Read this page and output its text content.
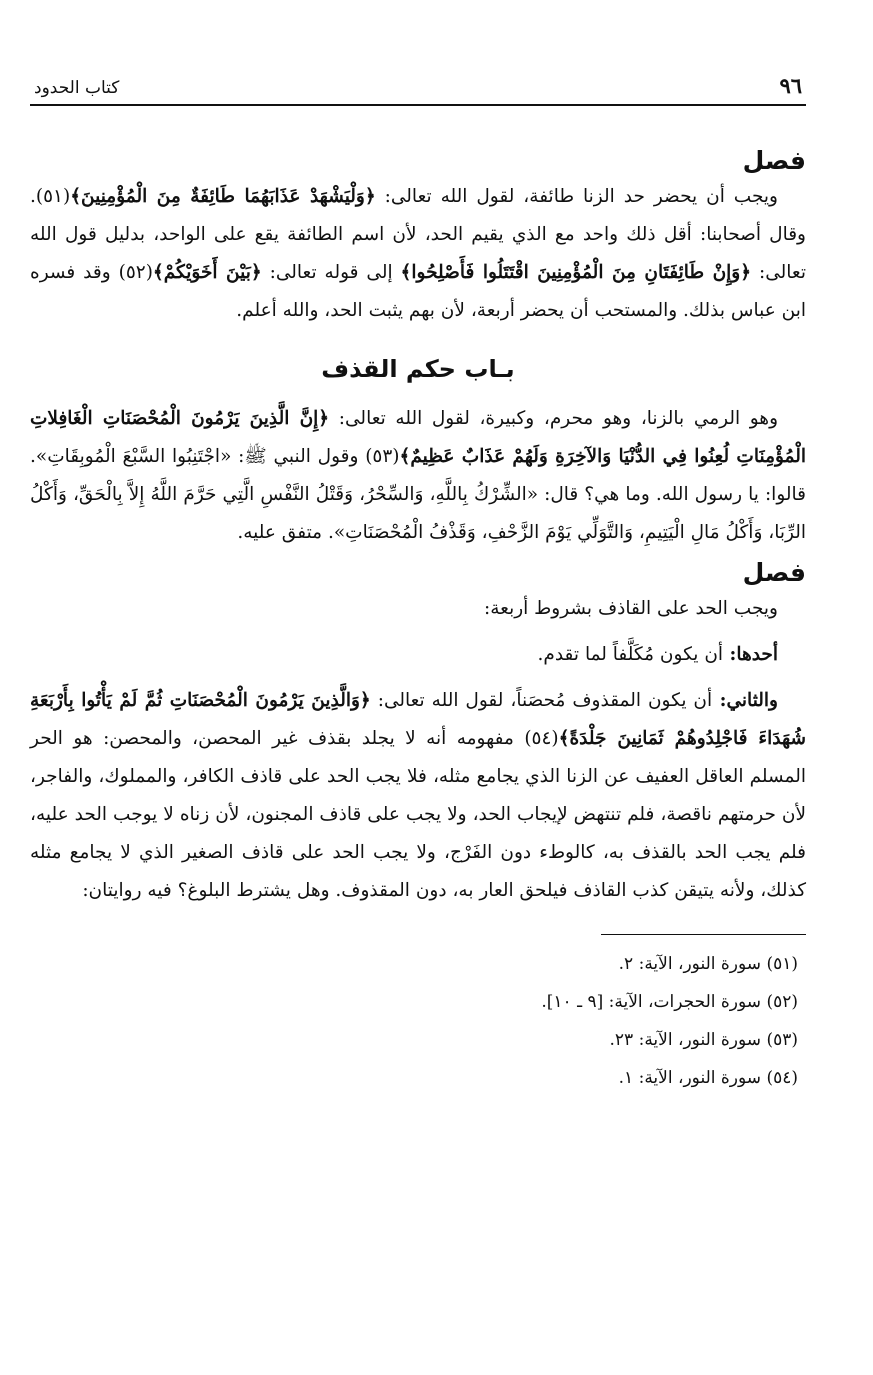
٩٦
كتاب الحدود
فصل

ويجب أن يحضر حد الزنا طائفة، لقول الله تعالى: ﴿وَلْيَشْهَدْ عَذَابَهُمَا طَائِفَةٌ مِنَ الْمُؤْمِنِينَ﴾(٥١). وقال أصحابنا: أقل ذلك واحد مع الذي يقيم الحد، لأن اسم الطائفة يقع على الواحد، بدليل قول الله تعالى: ﴿وَإِنْ طَائِفَتَانِ مِنَ الْمُؤْمِنِينَ اقْتَتَلُوا فَأَصْلِحُوا﴾ إلى قوله تعالى: ﴿بَيْنَ أَخَوَيْكُمْ﴾(٥٢) وقد فسره ابن عباس بذلك. والمستحب أن يحضر أربعة، لأن بهم يثبت الحد، والله أعلم.

بـاب حكم القذف

وهو الرمي بالزنا، وهو محرم، وكبيرة، لقول الله تعالى: ﴿إِنَّ الَّذِينَ يَرْمُونَ الْمُحْصَنَاتِ الْغَافِلاتِ الْمُؤْمِنَاتِ لُعِنُوا فِي الدُّنْيَا وَالآخِرَةِ وَلَهُمْ عَذَابٌ عَظِيمٌ﴾(٥٣) وقول النبي ﷺ: «اجْتَنِبُوا السَّبْعَ الْمُوبِقَاتِ». قالوا: يا رسول الله. وما هي؟ قال: «الشِّرْكُ بِاللَّهِ، وَالسِّحْرُ، وَقَتْلُ النَّفْسِ الَّتِي حَرَّمَ اللَّهُ إِلاَّ بِالْحَقِّ، وَأَكْلُ الرِّبَا، وَأَكْلُ مَالِ الْيَتِيمِ، وَالتَّوَلِّي يَوْمَ الزَّحْفِ، وَقَذْفُ الْمُحْصَنَاتِ». متفق عليه.

فصل

ويجب الحد على القاذف بشروط أربعة:

أحدها: أن يكون مُكَلَّفاً لما تقدم.

والثاني: أن يكون المقذوف مُحصَناً، لقول الله تعالى: ﴿وَالَّذِينَ يَرْمُونَ الْمُحْصَنَاتِ ثُمَّ لَمْ يَأْتُوا بِأَرْبَعَةِ شُهَدَاءَ فَاجْلِدُوهُمْ ثَمَانِينَ جَلْدَةً﴾(٥٤) مفهومه أنه لا يجلد بقذف غير المحصن، والمحصن: هو الحر المسلم العاقل العفيف عن الزنا الذي يجامع مثله، فلا يجب الحد على قاذف الكافر، والمملوك، والفاجر، لأن حرمتهم ناقصة، فلم تنتهض لإيجاب الحد، ولا يجب على قاذف المجنون، لأن زناه لا يوجب الحد عليه، فلم يجب الحد بالقذف به، كالوطء دون الفَرْج، ولا يجب الحد على قاذف الصغير الذي لا يجامع مثله كذلك، ولأنه يتيقن كذب القاذف فيلحق العار به، دون المقذوف. وهل يشترط البلوغ؟ فيه روايتان:

(٥١) سورة النور، الآية: ٢.
(٥٢) سورة الحجرات، الآية: [٩ ـ ١٠].
(٥٣) سورة النور، الآية: ٢٣.
(٥٤) سورة النور، الآية: ١.
